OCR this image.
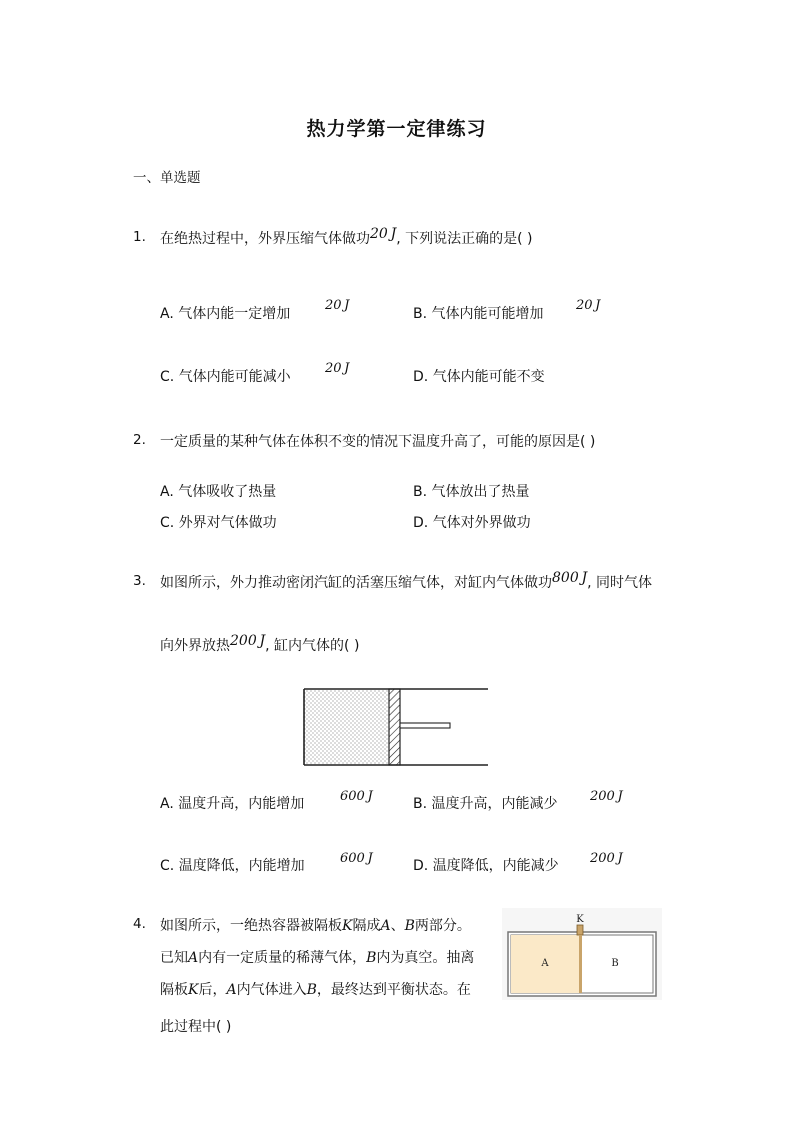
热力学第一定律练习
一、单选题
1. 在绝热过程中，外界压缩气体做功20  J, 下列说法正确的是( )
A. 气体内能一定增加
20  J
B. 气体内能可能增加
20  J
C. 气体内能可能减小
20  J
D. 气体内能可能不变
2. 一定质量的某种气体在体积不变的情况下温度升高了，可能的原因是( )
A. 气体吸收了热量	B. 气体放出了热量
C. 外界对气体做功	D. 气体对外界做功
3. 如图所示，外力推动密闭汽缸的活塞压缩气体，对缸内气体做功800  J, 同时气体
向外界放热200  J, 缸内气体的( )
A. 温度升高，内能增加	600  J	B. 温度升高，内能减少 200  J
C. 温度降低，内能增加	600  J	D. 温度降低，内能减少 200  J
4. 如图所示，一绝热容器被隔板K隔成A、B两部分。
已知A内有一定质量的稀薄气体，B内为真空。抽离
隔板K后，A内气体进入B，最终达到平衡状态。在
此过程中( )
K
A	B
